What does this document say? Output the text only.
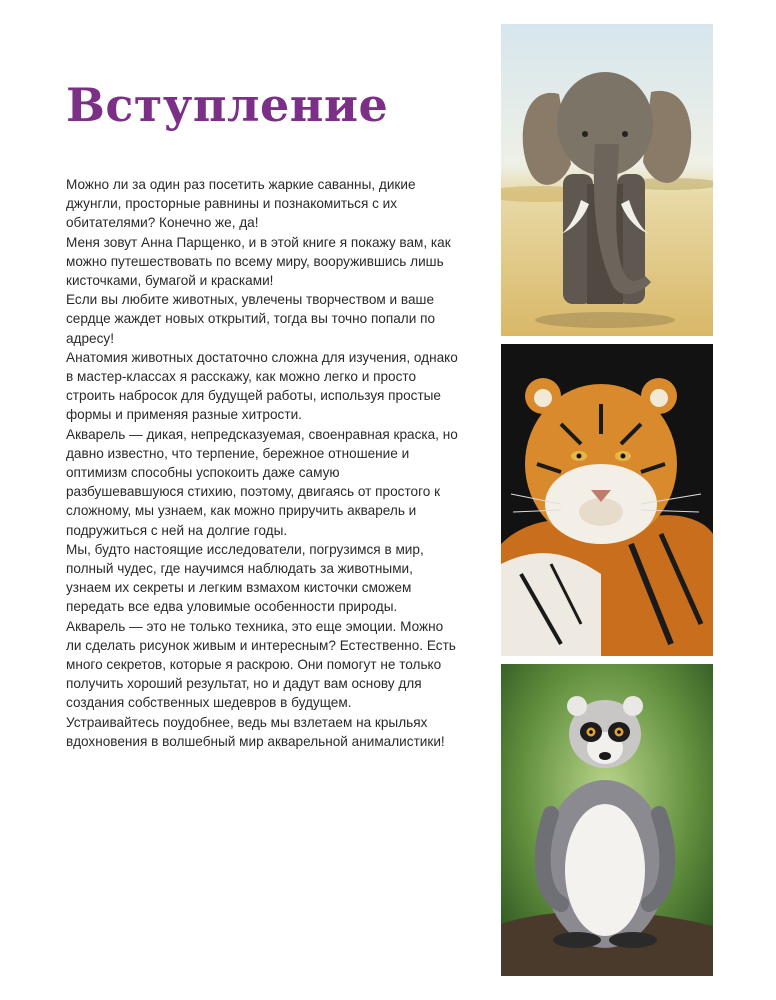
Вступление

Можно ли за один раз посетить жаркие саванны, дикие джунгли, просторные равнины и познакомиться с их обитателями? Конечно же, да!

Меня зовут Анна Парщенко, и в этой книге я покажу вам, как можно путешествовать по всему миру, вооружившись лишь кисточками, бумагой и красками!

Если вы любите животных, увлечены творчеством и ваше сердце жаждет новых открытий, тогда вы точно попали по адресу!

Анатомия животных достаточно сложна для изучения, однако в мастер-классах я расскажу, как можно легко и просто строить набросок для будущей работы, используя простые формы и применяя разные хитрости.

Акварель — дикая, непредсказуемая, своенравная краска, но давно известно, что терпение, бережное отношение и оптимизм способны успокоить даже самую разбушевавшуюся стихию, поэтому, двигаясь от простого к сложному, мы узнаем, как можно приручить акварель и подружиться с ней на долгие годы.

Мы, будто настоящие исследователи, погрузимся в мир, полный чудес, где научимся наблюдать за животными, узнаем их секреты и легким взмахом кисточки сможем передать все едва уловимые особенности природы.

Акварель — это не только техника, это еще эмоции. Можно ли сделать рисунок живым и интересным? Естественно. Есть много секретов, которые я раскрою. Они помогут не только получить хороший результат, но и дадут вам основу для создания собственных шедевров в будущем.

Устраивайтесь поудобнее, ведь мы взлетаем на крыльях вдохновения в волшебный мир акварельной анималистики!
